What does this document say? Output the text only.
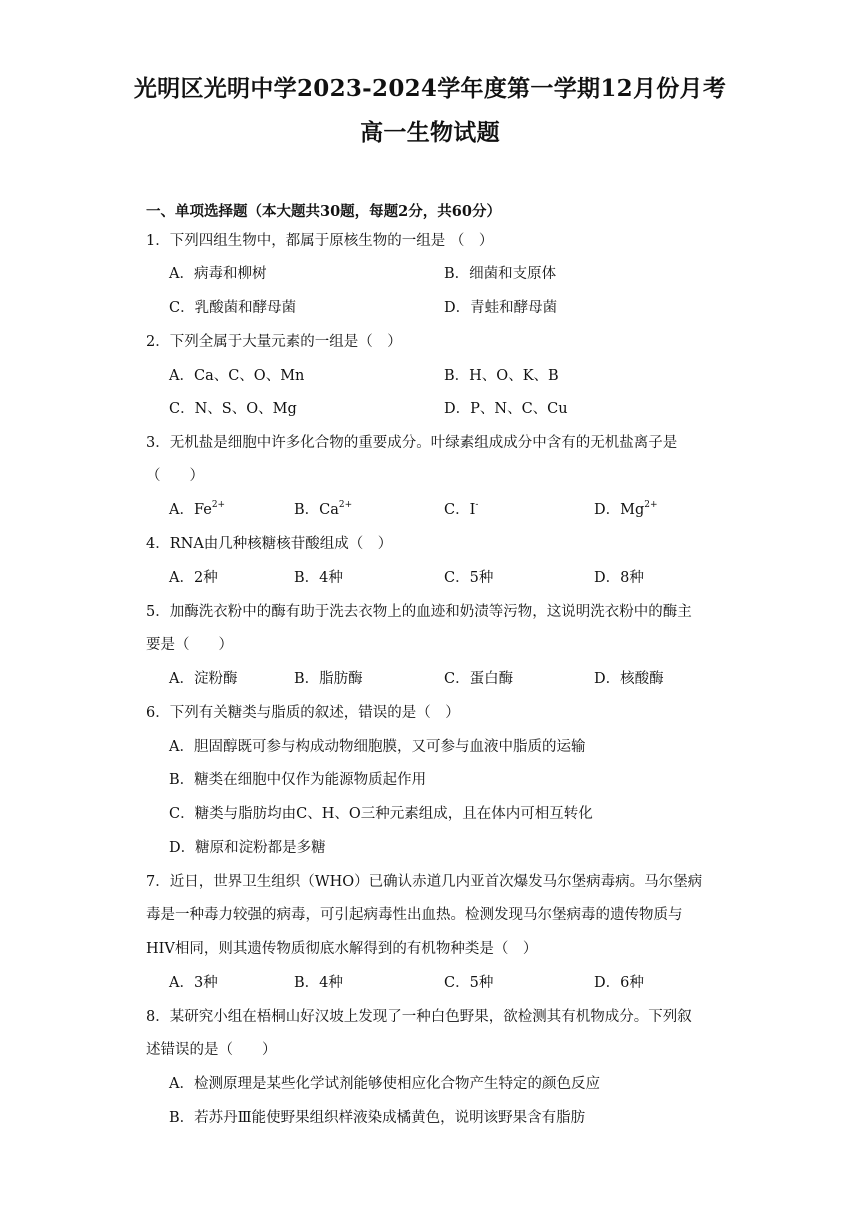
光明区光明中学2023-2024学年度第一学期12月份月考
高一生物试题
一、单项选择题（本大题共30题，每题2分，共60分）
1．下列四组生物中，都属于原核生物的一组是 （　）
A．病毒和柳树	B．细菌和支原体
C．乳酸菌和酵母菌	D．青蛙和酵母菌
2．下列全属于大量元素的一组是（　）
A．Ca、C、O、Mn	B．H、O、K、B
C．N、S、O、Mg	D．P、N、C、Cu
3．无机盐是细胞中许多化合物的重要成分。叶绿素组成成分中含有的无机盐离子是
（　　）
A．$Fe^{2+}$	B．$Ca^{2+}$	C．I-	D．$Mg^{2+}$
4．RNA由几种核糖核苷酸组成（　）
A．2种	B．4种	C．5种	D．8种
5．加酶洗衣粉中的酶有助于洗去衣物上的血迹和奶渍等污物，这说明洗衣粉中的酶主
要是（　　）
A．淀粉酶	B．脂肪酶	C．蛋白酶	D．核酸酶
6．下列有关糖类与脂质的叙述，错误的是（　）
A．胆固醇既可参与构成动物细胞膜，又可参与血液中脂质的运输
B．糖类在细胞中仅作为能源物质起作用
C．糖类与脂肪均由C、H、O三种元素组成，且在体内可相互转化
D．糖原和淀粉都是多糖
7．近日，世界卫生组织（WHO）已确认赤道几内亚首次爆发马尔堡病毒病。马尔堡病
毒是一种毒力较强的病毒，可引起病毒性出血热。检测发现马尔堡病毒的遗传物质与
HIV相同，则其遗传物质彻底水解得到的有机物种类是（　）
A．3种	B．4种	C．5种	D．6种
8．某研究小组在梧桐山好汉坡上发现了一种白色野果，欲检测其有机物成分。下列叙
述错误的是（　　）
A．检测原理是某些化学试剂能够使相应化合物产生特定的颜色反应
B．若苏丹Ⅲ能使野果组织样液染成橘黄色，说明该野果含有脂肪
